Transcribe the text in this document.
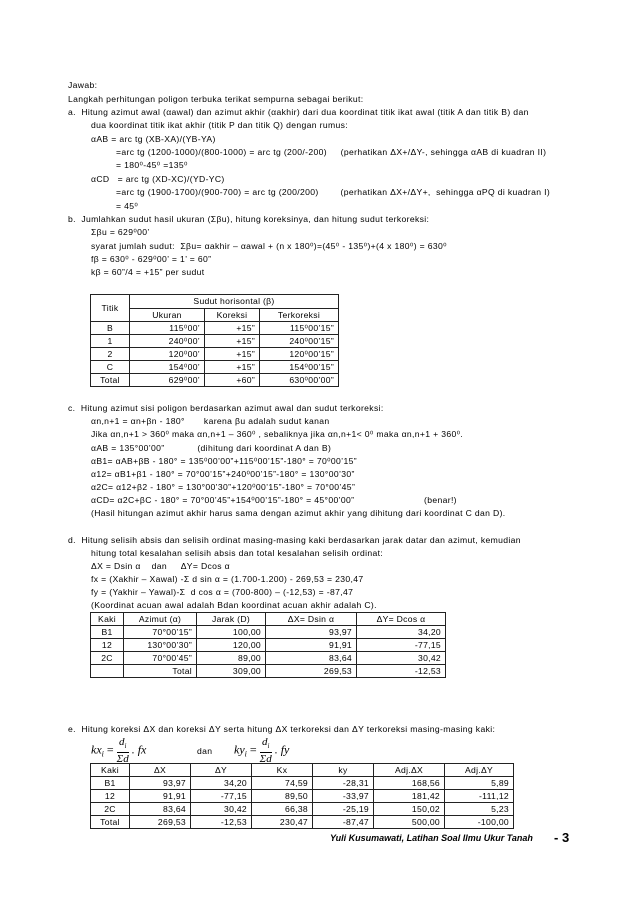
Jawab:
Langkah perhitungan poligon terbuka terikat sempurna sebagai berikut:
a.  Hitung azimut awal (αawal) dan azimut akhir (αakhir) dari dua koordinat titik ikat awal (titik A dan titik B) dan
dua koordinat titik ikat akhir (titik P dan titik Q) dengan rumus:
αAB = arc tg (XB-XA)/(YB-YA)
=arc tg (1200-1000)/(800-1000) = arc tg (200/-200)     (perhatikan ΔX+/ΔY-, sehingga αAB di kuadran II)
= 180⁰-45⁰ =135⁰
αCD   = arc tg (XD-XC)/(YD-YC)
=arc tg (1900-1700)/(900-700) = arc tg (200/200)        (perhatikan ΔX+/ΔY+,  sehingga αPQ di kuadran I)
= 45⁰
b.  Jumlahkan sudut hasil ukuran (Σβu), hitung koreksinya, dan hitung sudut terkoreksi:
Σβu = 629⁰00’
syarat jumlah sudut:  Σβu= αakhir – αawal + (n x 180⁰)=(45⁰ - 135⁰)+(4 x 180⁰) = 630⁰
fβ = 630⁰ - 629⁰00’ = 1’ = 60”
kβ = 60”/4 = +15” per sudut
Titik	Sudut horisontal (β)		
	Ukuran	Koreksi	Terkoreksi
B	115⁰00’	+15”	115⁰00’15”
1	240⁰00’	+15”	240⁰00’15”
2	120⁰00’	+15”	120⁰00’15”
C	154⁰00’	+15”	154⁰00’15”
Total	629⁰00’	+60”	630⁰00’00”
c.  Hitung azimut sisi poligon berdasarkan azimut awal dan sudut terkoreksi:
αn,n+1 = αn+βn - 180°       karena βu adalah sudut kanan
Jika αn,n+1 > 360⁰ maka αn,n+1 – 360⁰ , sebaliknya jika αn,n+1< 0⁰ maka αn,n+1 + 360⁰.
αAB = 135°00’00”            (dihitung dari koordinat A dan B)
αB1= αAB+βB - 180° = 135⁰00’00”+115⁰00’15”-180° = 70⁰00’15”
α12= αB1+β1 - 180° = 70°00’15”+240⁰00’15”-180° = 130°00’30”
α2C= α12+β2 - 180° = 130°00’30”+120⁰00’15”-180° = 70°00’45”
αCD= α2C+βC - 180° = 70°00’45”+154⁰00’15”-180° = 45°00’00”	(benar!)
(Hasil hitungan azimut akhir harus sama dengan azimut akhir yang dihitung dari koordinat C dan D).
d.  Hitung selisih absis dan selisih ordinat masing-masing kaki berdasarkan jarak datar dan azimut, kemudian
hitung total kesalahan selisih absis dan total kesalahan selisih ordinat:
ΔX = Dsin α    dan     ΔY= Dcos α
fx = (Xakhir – Xawal) -Σ d sin α = (1.700-1.200) - 269,53 = 230,47
fy = (Yakhir – Yawal)-Σ  d cos α = (700-800) – (-12,53) = -87,47
(Koordinat acuan awal adalah Bdan koordinat acuan akhir adalah C).
Kaki	Azimut (α)	Jarak (D)	ΔX= Dsin α	ΔY= Dcos α
B1	70°00’15”	100,00	93,97	34,20
12	130°00’30”	120,00	91,91	-77,15
2C	70°00’45”	89,00	83,64	30,42
	Total	309,00	269,53	-12,53
e.  Hitung koreksi ΔX dan koreksi ΔY serta hitung ΔX terkoreksi dan ΔY terkoreksi masing-masing kaki:
$kx_i = \frac{d_i}{\Sigma d}$ . fx	dan $ky_i = \frac{d_i}{\Sigma d}$ . fy
Kaki	ΔX	ΔY	Kx	ky	Adj.ΔX	Adj.ΔY
B1	93,97	34,20	74,59	-28,31	168,56	5,89
12	91,91	-77,15	89,50	-33,97	181,42	-111,12
2C	83,64	30,42	66,38	-25,19	150,02	5,23
Total	269,53	-12,53	230,47	-87,47	500,00	-100,00
Yuli Kusumawati, Latihan Soal Ilmu Ukur Tanah - 3
